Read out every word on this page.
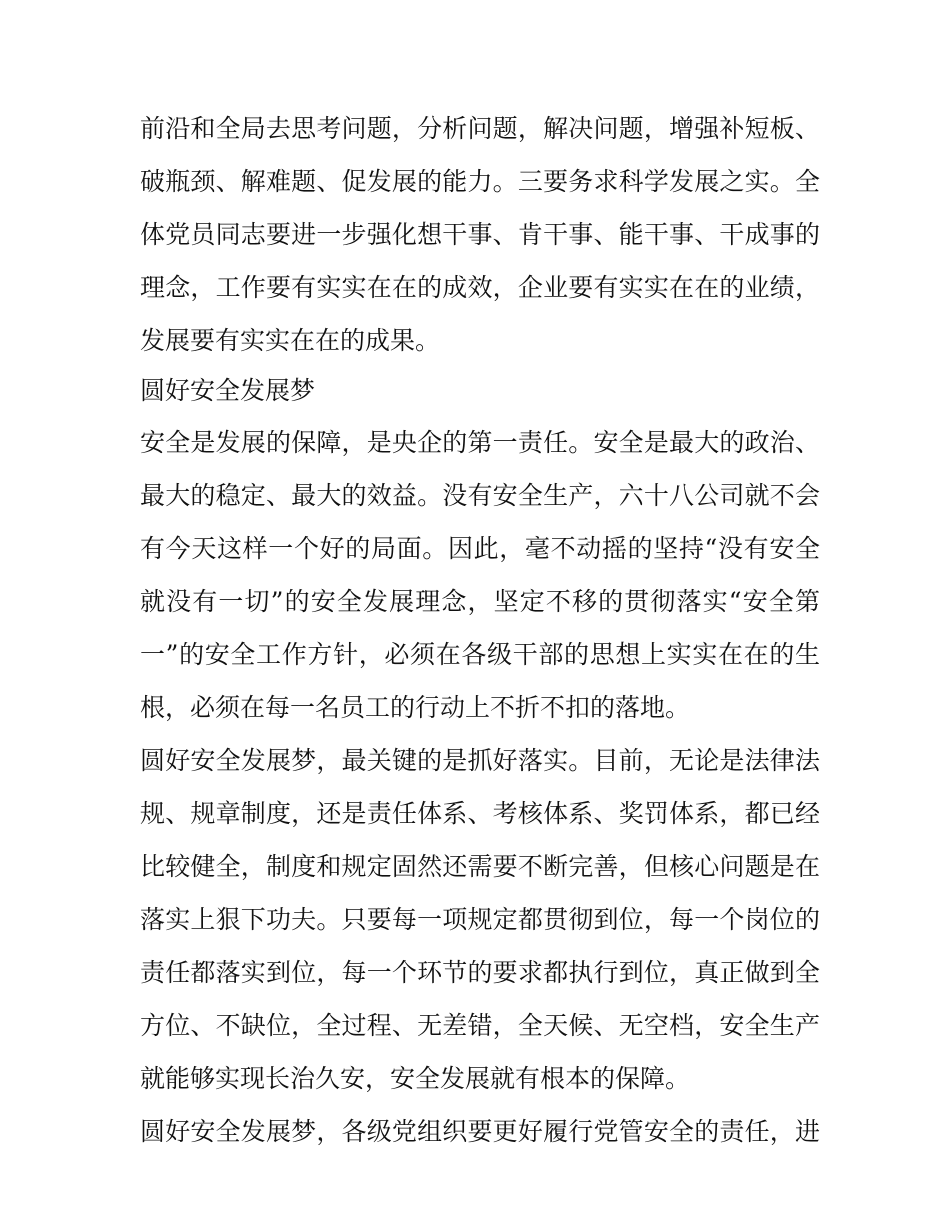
前沿和全局去思考问题，分析问题，解决问题，增强补短板、
破瓶颈、解难题、促发展的能力。三要务求科学发展之实。全
体党员同志要进一步强化想干事、肯干事、能干事、干成事的
理念，工作要有实实在在的成效，企业要有实实在在的业绩，
发展要有实实在在的成果。
圆好安全发展梦
安全是发展的保障，是央企的第一责任。安全是最大的政治、
最大的稳定、最大的效益。没有安全生产，六十八公司就不会
有今天这样一个好的局面。因此，毫不动摇的坚持“没有安全
就没有一切”的安全发展理念，坚定不移的贯彻落实“安全第
一”的安全工作方针，必须在各级干部的思想上实实在在的生
根，必须在每一名员工的行动上不折不扣的落地。
圆好安全发展梦，最关键的是抓好落实。目前，无论是法律法
规、规章制度，还是责任体系、考核体系、奖罚体系，都已经
比较健全，制度和规定固然还需要不断完善，但核心问题是在
落实上狠下功夫。只要每一项规定都贯彻到位，每一个岗位的
责任都落实到位，每一个环节的要求都执行到位，真正做到全
方位、不缺位，全过程、无差错，全天候、无空档，安全生产
就能够实现长治久安，安全发展就有根本的保障。
圆好安全发展梦，各级党组织要更好履行党管安全的责任，进
